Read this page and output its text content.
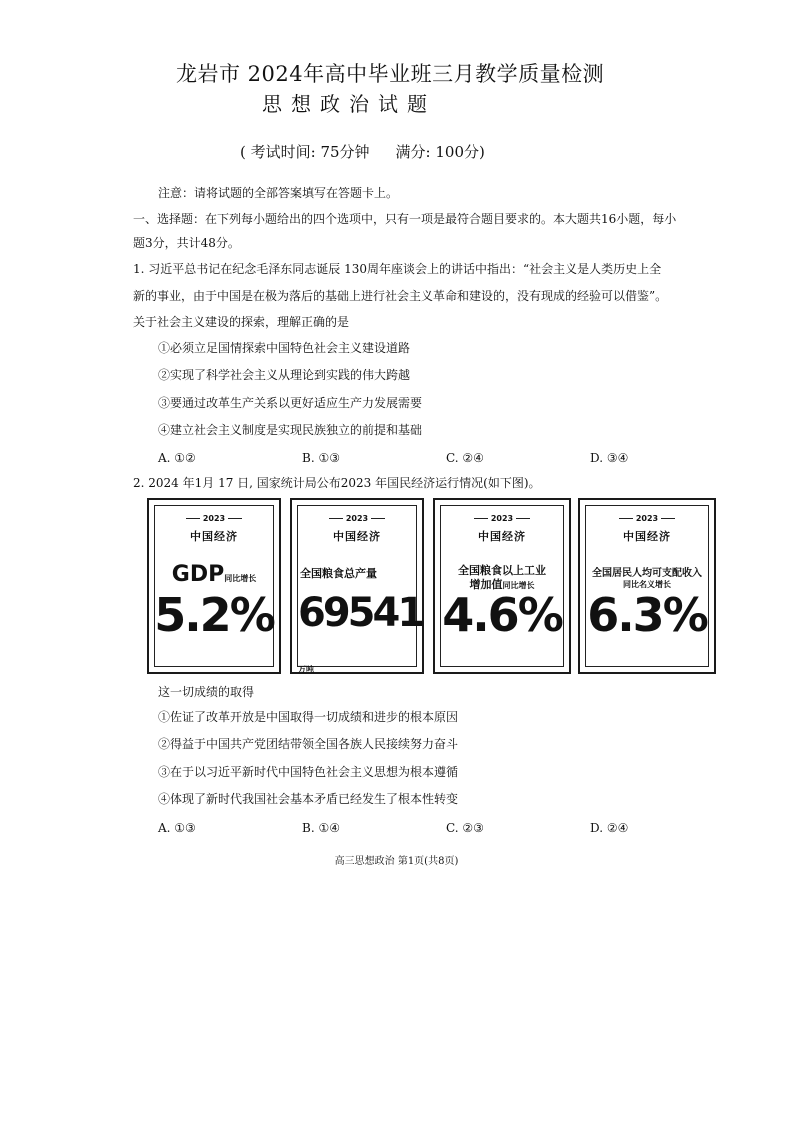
龙岩市 2024年高中毕业班三月教学质量检测
思想政治试题
( 考试时间: 75分钟 满分: 100分)
注意：请将试题的全部答案填写在答题卡上。
一、选择题：在下列每小题给出的四个选项中，只有一项是最符合题目要求的。本大题共16小题，每小
题3分，共计48分。
1. 习近平总书记在纪念毛泽东同志诞辰 130周年座谈会上的讲话中指出：“社会主义是人类历史上全
新的事业，由于中国是在极为落后的基础上进行社会主义革命和建设的，没有现成的经验可以借鉴”。
关于社会主义建设的探索，理解正确的是
①必须立足国情探索中国特色社会主义建设道路
②实现了科学社会主义从理论到实践的伟大跨越
③要通过改革生产关系以更好适应生产力发展需要
④建立社会主义制度是实现民族独立的前提和基础
A. ①②	B. ①③	C. ②④	D. ③④
2. 2024 年1月 17 日, 国家统计局公布2023 年国民经济运行情况(如下图)。
2023
中国经济
GDP同比增长
5.2%
2023
中国经济
全国粮食总产量
69541万吨
2023
中国经济
全国粮食以上工业
增加值同比增长
4.6%
2023
中国经济
全国居民人均可支配收入
同比名义增长
6.3%
这一切成绩的取得
①佐证了改革开放是中国取得一切成绩和进步的根本原因
②得益于中国共产党团结带领全国各族人民接续努力奋斗
③在于以习近平新时代中国特色社会主义思想为根本遵循
④体现了新时代我国社会基本矛盾已经发生了根本性转变
A. ①③	B. ①④	C. ②③	D. ②④
高三思想政治 第1页(共8页)
